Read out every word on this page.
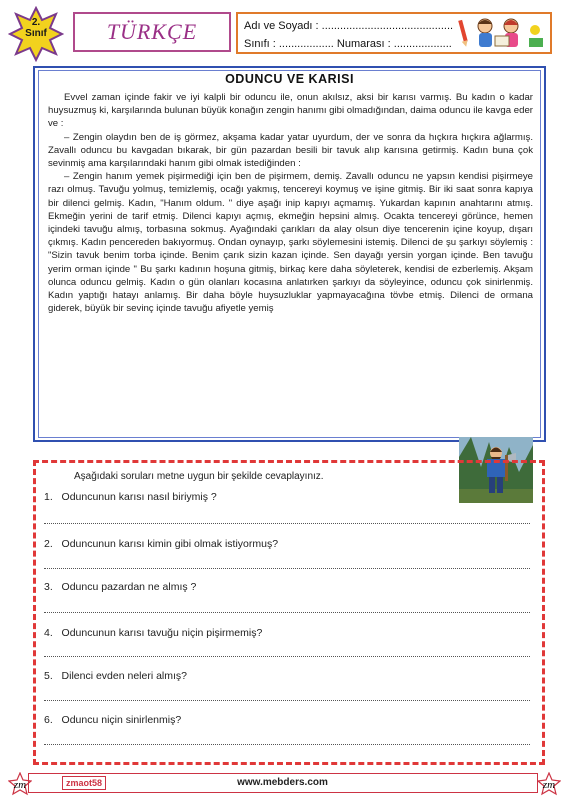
2.
Sınıf	TÜRKÇE	Adı ve Soyadı : ...........................................
Sınıfı : .................. Numarası : ...................
ODUNCU VE KARISI

Evvel zaman içinde fakir ve iyi kalpli bir oduncu ile, onun akılsız, aksi bir karısı varmış. Bu kadın o kadar huysuzmuş ki, karşılarında bulunan büyük konağın zengin hanımı gibi olmadığından, daima oduncu ile kavga eder ve :

– Zengin olaydın ben de iş görmez, akşama kadar yatar uyurdum, der ve sonra da hıçkıra hıçkıra ağlarmış. Zavallı oduncu bu kavgadan bıkarak, bir gün pazardan besili bir tavuk alıp karısına getirmiş. Kadın buna çok sevinmiş ama karşılarındaki hanım gibi olmak istediğinden :

– Zengin hanım yemek pişirmediği için ben de pişirmem, demiş. Zavallı oduncu ne yapsın kendisi pişirmeye razı olmuş. Tavuğu yolmuş, temizlemiş, ocağı yakmış, tencereyi koymuş ve işine gitmiş. Bir iki saat sonra kapıya bir dilenci gelmiş. Kadın, "Hanım oldum. " diye aşağı inip kapıyı açmamış. Yukardan kapının anahtarını atmış. Ekmeğin yerini de tarif etmiş. Dilenci kapıyı açmış, ekmeğin hepsini almış. Ocakta tencereyi görünce, hemen içindeki tavuğu almış, torbasına sokmuş. Ayağındaki çarıkları da alay olsun diye tencerenin içine koyup, dışarı çıkmış. Kadın pencereden bakıyormuş. Ondan oynayıp, şarkı söylemesini istemiş. Dilenci de şu şarkıyı söylemiş : "Sizin tavuk benim torba içinde. Benim çarık sizin kazan içinde. Sen dayağı yersin yorgan içinde. Ben tavuğu yerim orman içinde " Bu şarkı kadının hoşuna gitmiş, birkaç kere daha söyleterek, kendisi de ezberlemiş. Akşam olunca oduncu gelmiş. Kadın o gün olanları kocasına anlatırken şarkıyı da söyleyince, oduncu çok sinirlenmiş. Kadın yaptığı hatayı anlamış. Bir daha böyle huysuzluklar yapmayacağına tövbe etmiş. Dilenci de ormana giderek, büyük bir sevinç içinde tavuğu afiyetle yemiş

Aşağıdaki soruları metne uygun bir şekilde cevaplayınız.
1. Oduncunun karısı nasıl biriymiş ?
2. Oduncunun karısı kimin gibi olmak istiyormuş?
3. Oduncu pazardan ne almış ?
4. Oduncunun karısı tavuğu niçin pişirmemiş?
5. Dilenci evden neleri almış?
6. Oduncu niçin sinirlenmiş?
zmaot58	www.mebders.com
zm	zm
